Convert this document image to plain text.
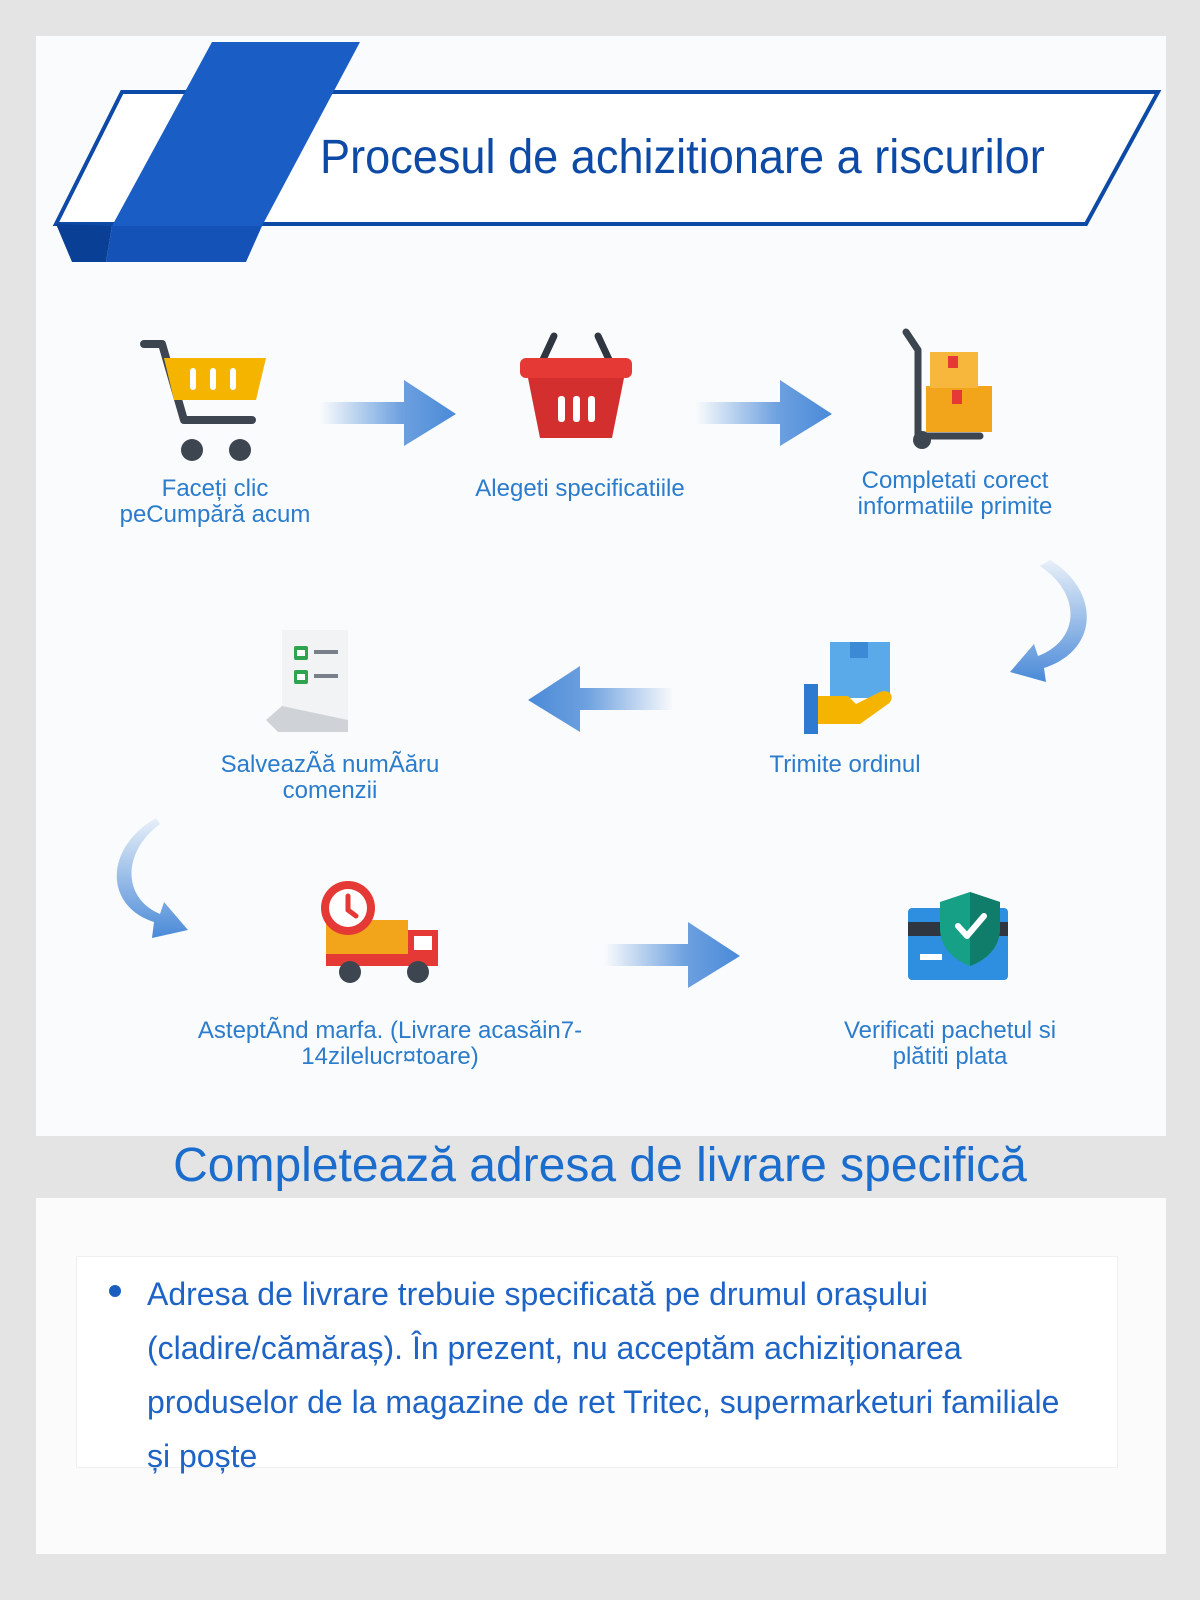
Procesul de achizitionare a riscurilor
Faceți clic peCumpără acum
Alegeti specificatiile	Completati corect informatiile primite
Trimite ordinul
SalveazÃă numÃăru comenzii
AsteptÃnd marfa. (Livrare acasăin7-14zilelucr¤toare)
Verificati pachetul si plătiti plata
Completează adresa de livrare specifică
Adresa de livrare trebuie specificată pe drumul orașului (cladire/cămăraș). În prezent, nu acceptăm achiziționarea produselor de la magazine de ret Tritec, supermarketuri familiale și poște
